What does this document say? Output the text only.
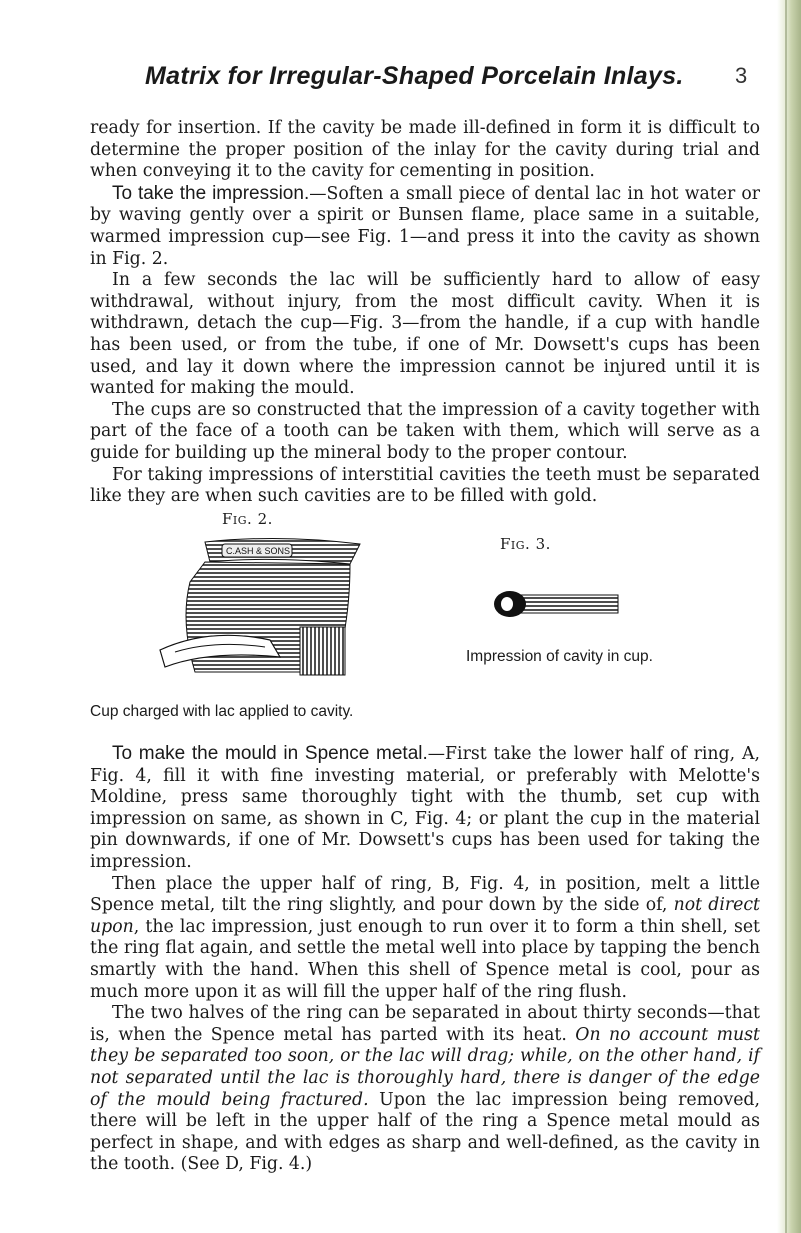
Matrix for Irregular-Shaped Porcelain Inlays. 3

ready for insertion. If the cavity be made ill-defined in form it is difficult to determine the proper position of the inlay for the cavity during trial and when conveying it to the cavity for cementing in position.

To take the impression.—Soften a small piece of dental lac in hot water or by waving gently over a spirit or Bunsen flame, place same in a suitable, warmed impression cup—see Fig. 1—and press it into the cavity as shown in Fig. 2.

In a few seconds the lac will be sufficiently hard to allow of easy withdrawal, without injury, from the most difficult cavity. When it is withdrawn, detach the cup—Fig. 3—from the handle, if a cup with handle has been used, or from the tube, if one of Mr. Dowsett's cups has been used, and lay it down where the impression cannot be injured until it is wanted for making the mould.

The cups are so constructed that the impression of a cavity together with part of the face of a tooth can be taken with them, which will serve as a guide for building up the mineral body to the proper contour.

For taking impressions of interstitial cavities the teeth must be separated like they are when such cavities are to be filled with gold.

Fig. 2.
C.ASH & SONS
Cup charged with lac applied to cavity.
Fig. 3.
Impression of cavity in cup.

To make the mould in Spence metal.—First take the lower half of ring, A, Fig. 4, fill it with fine investing material, or preferably with Melotte's Moldine, press same thoroughly tight with the thumb, set cup with impression on same, as shown in C, Fig. 4; or plant the cup in the material pin downwards, if one of Mr. Dowsett's cups has been used for taking the impression.

Then place the upper half of ring, B, Fig. 4, in position, melt a little Spence metal, tilt the ring slightly, and pour down by the side of, not direct upon, the lac impression, just enough to run over it to form a thin shell, set the ring flat again, and settle the metal well into place by tapping the bench smartly with the hand. When this shell of Spence metal is cool, pour as much more upon it as will fill the upper half of the ring flush.

The two halves of the ring can be separated in about thirty seconds—that is, when the Spence metal has parted with its heat. On no account must they be separated too soon, or the lac will drag; while, on the other hand, if not separated until the lac is thoroughly hard, there is danger of the edge of the mould being fractured. Upon the lac impression being removed, there will be left in the upper half of the ring a Spence metal mould as perfect in shape, and with edges as sharp and well-defined, as the cavity in the tooth. (See D, Fig. 4.)
